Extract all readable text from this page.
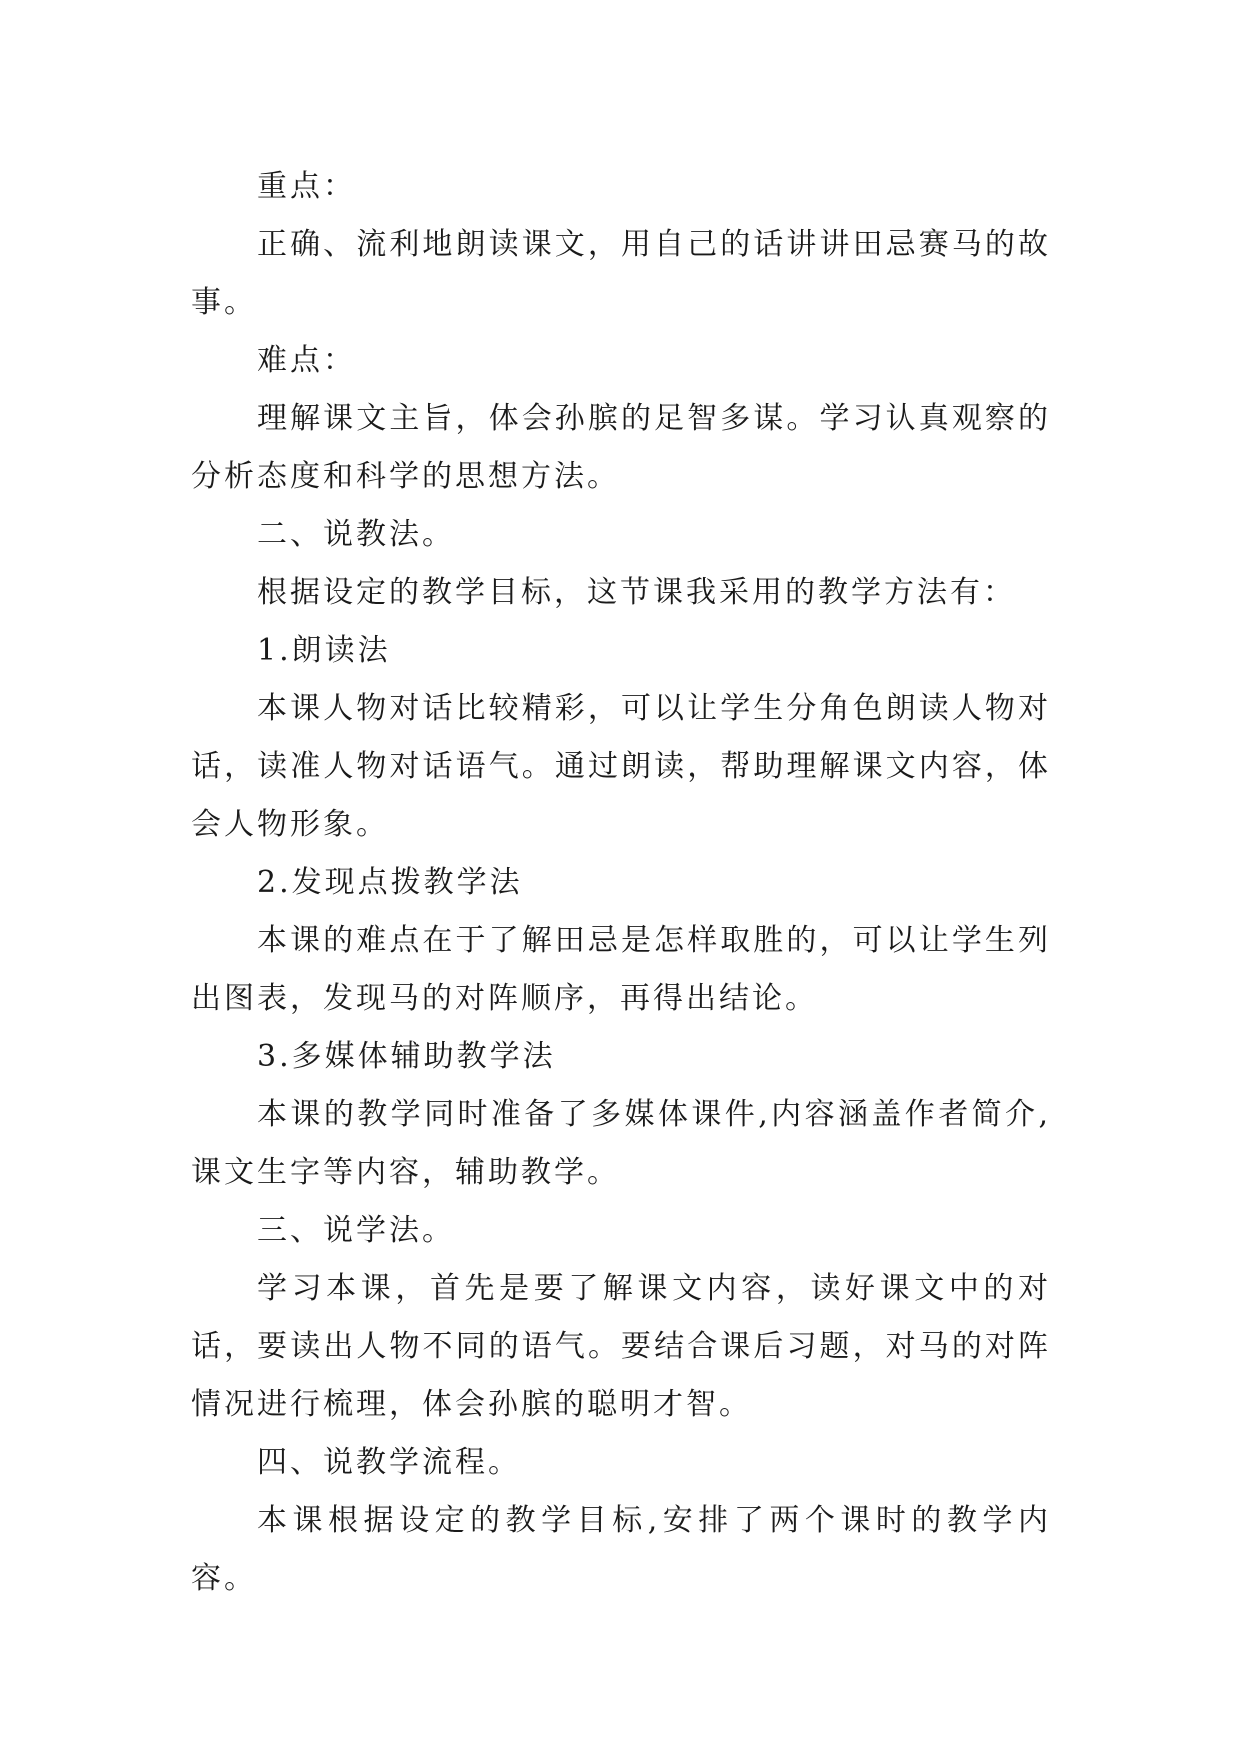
重点：

正确、流利地朗读课文，用自己的话讲讲田忌赛马的故事。

难点：

理解课文主旨，体会孙膑的足智多谋。学习认真观察的分析态度和科学的思想方法。

二、说教法。

根据设定的教学目标，这节课我采用的教学方法有：

1.朗读法

本课人物对话比较精彩，可以让学生分角色朗读人物对话，读准人物对话语气。通过朗读，帮助理解课文内容，体会人物形象。

2.发现点拨教学法

本课的难点在于了解田忌是怎样取胜的，可以让学生列出图表，发现马的对阵顺序，再得出结论。

3.多媒体辅助教学法

本课的教学同时准备了多媒体课件,内容涵盖作者简介,课文生字等内容，辅助教学。

三、说学法。

学习本课，首先是要了解课文内容，读好课文中的对话，要读出人物不同的语气。要结合课后习题，对马的对阵情况进行梳理，体会孙膑的聪明才智。

四、说教学流程。

本课根据设定的教学目标,安排了两个课时的教学内容。
